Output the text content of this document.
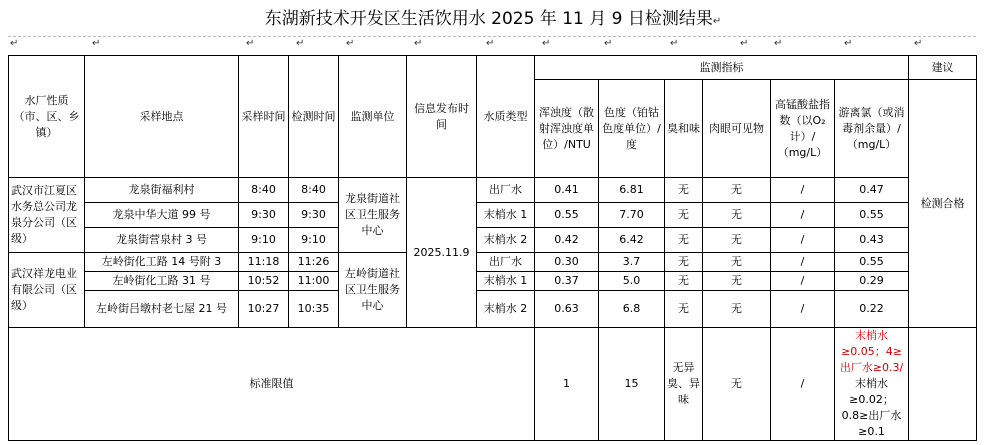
东湖新技术开发区生活饮用水 2025 年 11 月 9 日检测结果↵
↵	↵	↵	↵	↵	↵	↵	↵	↵	↵	↵	↵	↵	↵
水厂性质（市、区、乡镇）	采样地点	采样时间	检测时间	监测单位	信息发布时间	水质类型	监测指标						建议
							浑浊度（散射浑浊度单位）/NTU	色度（铂钴色度单位）/度	臭和味	肉眼可见物	高锰酸盐指数（以O₂计）/（mg/L）	游离氯（或消毒剂余量）/（mg/L）	检测合格
武汉市江夏区水务总公司龙泉分公司（区级）	龙泉街福利村	8:40	8:40	龙泉街道社区卫生服务中心	2025.11.9	出厂水	0.41	6.81	无	无	/	0.47	
	龙泉中华大道 99 号	9:30	9:30			末梢水 1	0.55	7.70	无	无	/	0.55	
	龙泉街营泉村 3 号	9:10	9:10			末梢水 2	0.42	6.42	无	无	/	0.43	
武汉祥龙电业有限公司（区级）	左岭街化工路 14 号附 3	11:18	11:26	左岭街道社区卫生服务中心		出厂水	0.30	3.7	无	无	/	0.55	
	左岭街化工路 31 号	10:52	11:00			末梢水 1	0.37	5.0	无	无	/	0.29	
	左岭街吕墩村老七屋 21 号	10:27	10:35			末梢水 2	0.63	6.8	无	无	/	0.22	
标准限值							1	15	无异臭、异味	无	/	末梢水≥0.05；4≥出厂水≥0.3/
末梢水≥0.02；0.8≥出厂水≥0.1	
